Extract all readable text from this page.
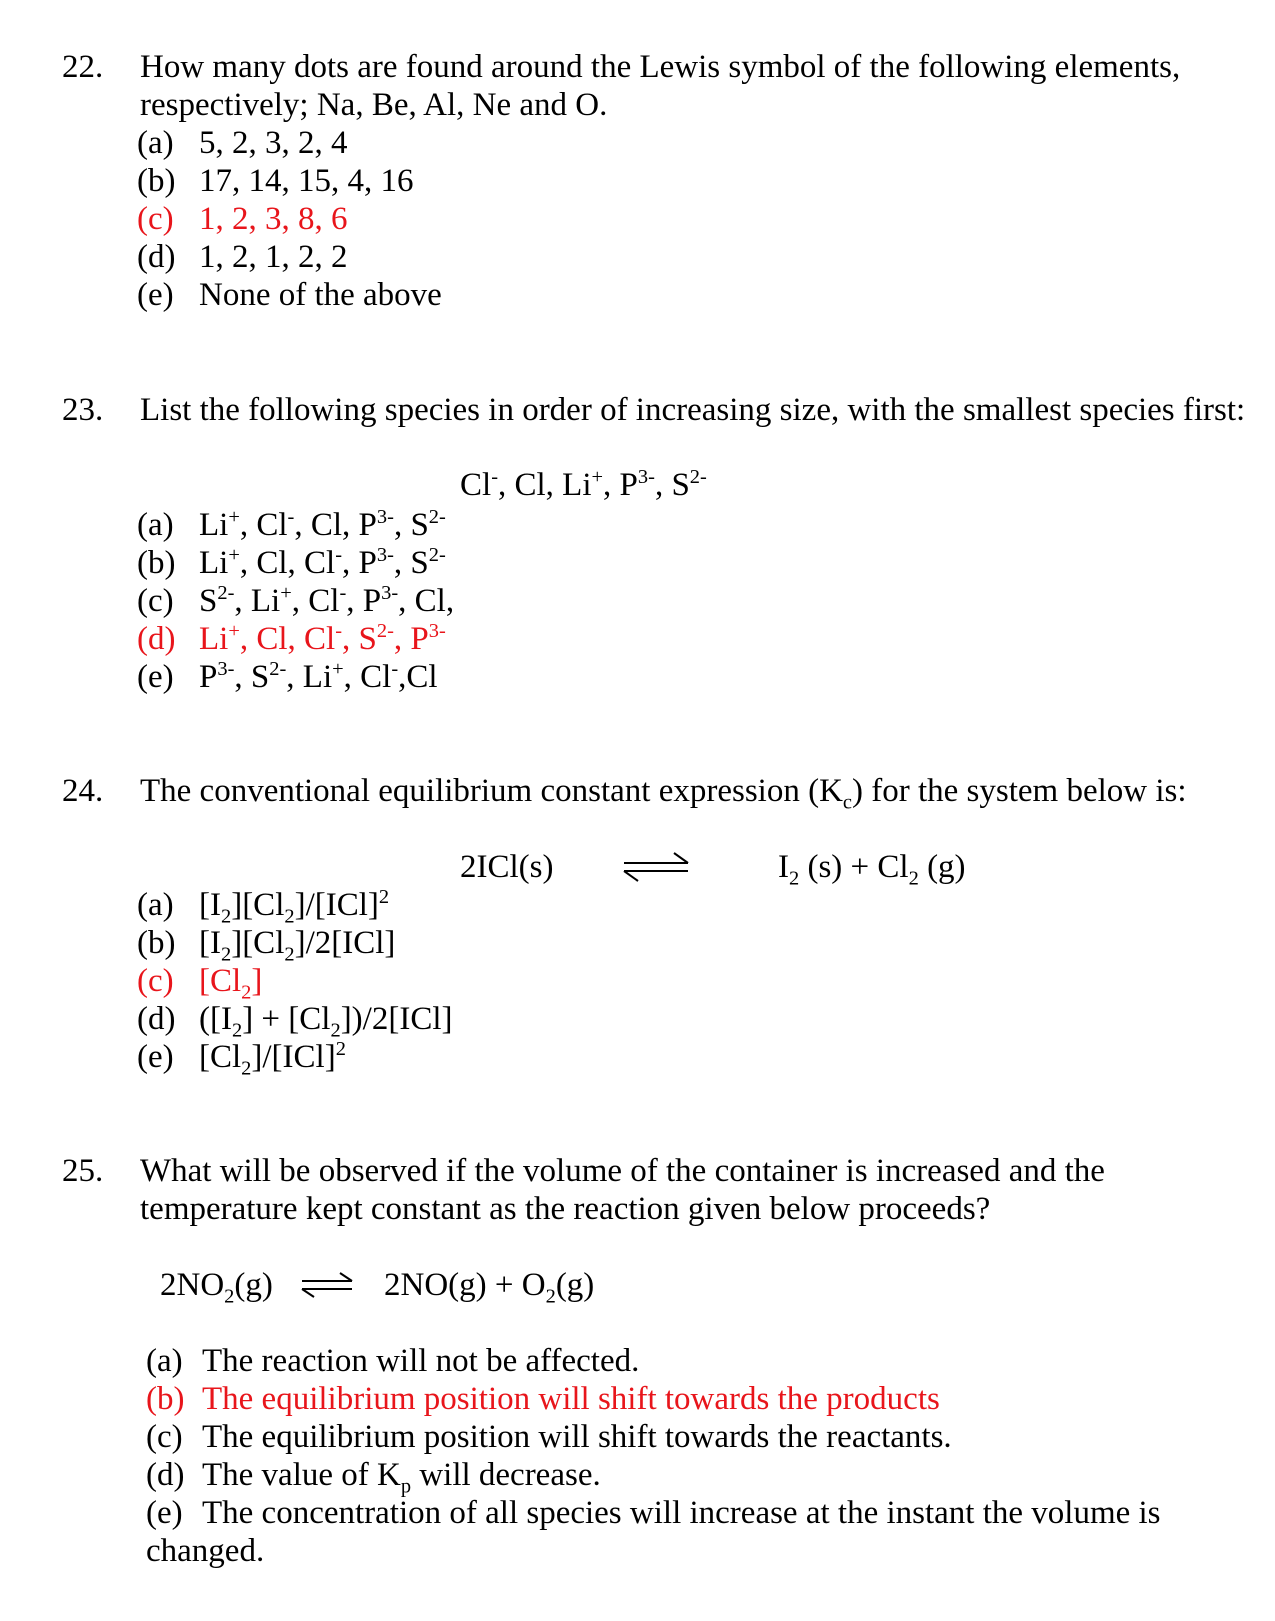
22. How many dots are found around the Lewis symbol of the following elements, respectively; Na, Be, Al, Ne and O.
(a) 5, 2, 3, 2, 4
(b) 17, 14, 15, 4, 16
(c) 1, 2, 3, 8, 6
(d) 1, 2, 1, 2, 2
(e) None of the above
23. List the following species in order of increasing size, with the smallest species first:
Cl-, Cl, Li+, $P^{3-}$, $S^{2-}$
(a) Li+, Cl-, Cl, $P^{3-}$, $S^{2-}$
(b) Li+, Cl, Cl-, $P^{3-}$, $S^{2-}$
(c) $S^{2-}$, Li+, Cl-, $P^{3-}$, Cl,
(d) Li+, Cl, Cl-, $S^{2-}$, $P^{3-}$
(e) $P^{3-}$, $S^{2-}$, Li+, Cl-,Cl
24. The conventional equilibrium constant expression $(K_c)$ for the system below is:
2ICl(s)	$I_2$ $(s) + Cl_2$ (g)
(a) $[I_2][Cl_2]/[ICl]^2$
(b) $[I_2][Cl_2]/2[ICl]$
(c) $[Cl_2]$
(d) $([I_2] + [Cl_2])/2[ICl]$
(e) $[Cl_2]/[ICl]^2$
25. What will be observed if the volume of the container is increased and the temperature kept constant as the reaction given below proceeds?
$2NO_2(g)$ ⇌ $2NO(g) + O_2(g)$
(a) The reaction will not be affected.
(b) The equilibrium position will shift towards the products
(c) The equilibrium position will shift towards the reactants.
(d) The value of $K_p$ will decrease.
(e) The concentration of all species will increase at the instant the volume is changed.
